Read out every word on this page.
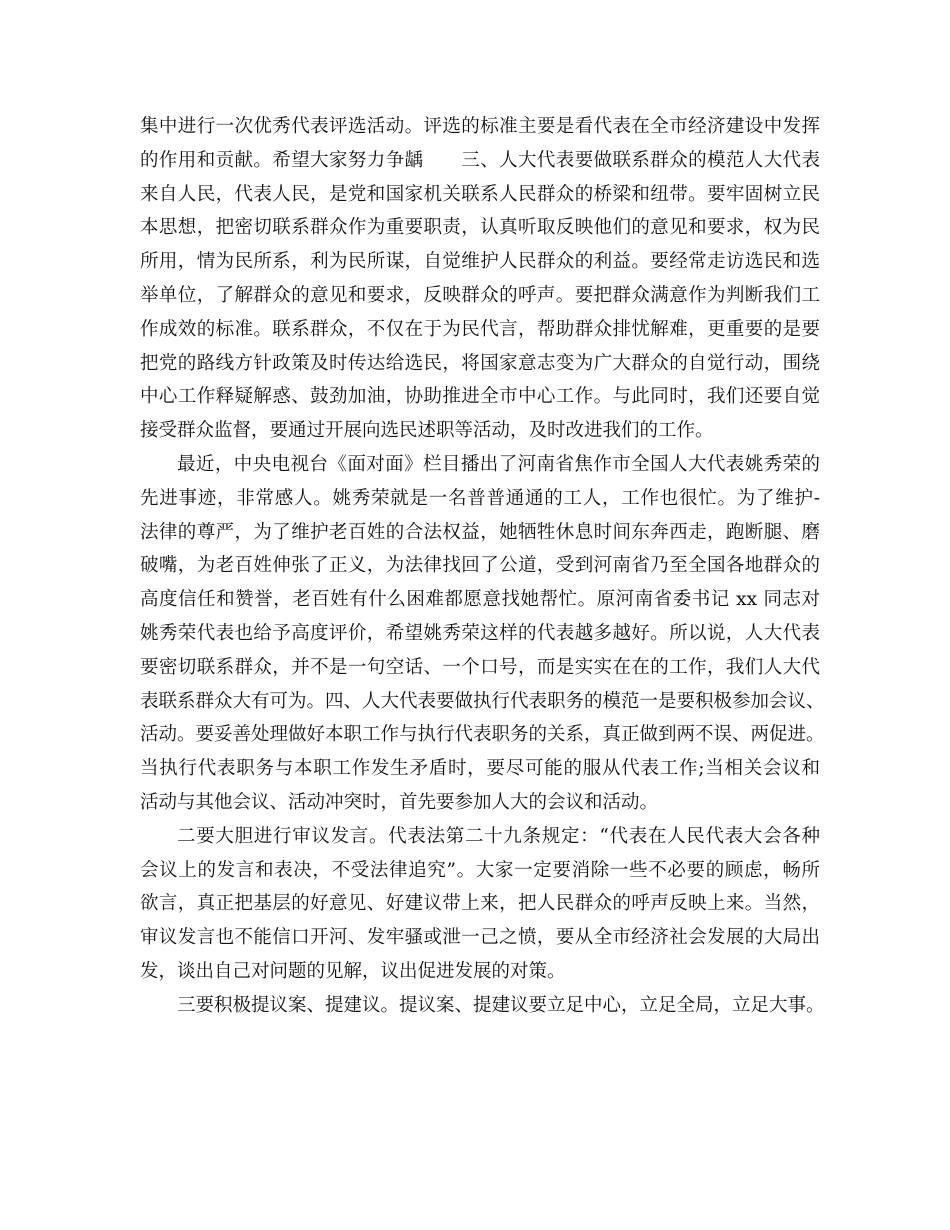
集中进行一次优秀代表评选活动。评选的标准主要是看代表在全市经济建设中发挥
的作用和贡献。希望大家努力争龋　　三、人大代表要做联系群众的模范人大代表
来自人民，代表人民，是党和国家机关联系人民群众的桥梁和纽带。要牢固树立民
本思想，把密切联系群众作为重要职责，认真听取反映他们的意见和要求，权为民
所用，情为民所系，利为民所谋，自觉维护人民群众的利益。要经常走访选民和选
举单位，了解群众的意见和要求，反映群众的呼声。要把群众满意作为判断我们工
作成效的标准。联系群众，不仅在于为民代言，帮助群众排忧解难，更重要的是要
把党的路线方针政策及时传达给选民，将国家意志变为广大群众的自觉行动，围绕
中心工作释疑解惑、鼓劲加油，协助推进全市中心工作。与此同时，我们还要自觉
接受群众监督，要通过开展向选民述职等活动，及时改进我们的工作。
最近，中央电视台《面对面》栏目播出了河南省焦作市全国人大代表姚秀荣的
先进事迹，非常感人。姚秀荣就是一名普普通通的工人，工作也很忙。为了维护-
法律的尊严，为了维护老百姓的合法权益，她牺牲休息时间东奔西走，跑断腿、磨
破嘴，为老百姓伸张了正义，为法律找回了公道，受到河南省乃至全国各地群众的
高度信任和赞誉，老百姓有什么困难都愿意找她帮忙。原河南省委书记 xx 同志对
姚秀荣代表也给予高度评价，希望姚秀荣这样的代表越多越好。所以说，人大代表
要密切联系群众，并不是一句空话、一个口号，而是实实在在的工作，我们人大代
表联系群众大有可为。四、人大代表要做执行代表职务的模范一是要积极参加会议、
活动。要妥善处理做好本职工作与执行代表职务的关系，真正做到两不误、两促进。
当执行代表职务与本职工作发生矛盾时，要尽可能的服从代表工作;当相关会议和
活动与其他会议、活动冲突时，首先要参加人大的会议和活动。
二要大胆进行审议发言。代表法第二十九条规定：“代表在人民代表大会各种
会议上的发言和表决，不受法律追究”。大家一定要消除一些不必要的顾虑，畅所
欲言，真正把基层的好意见、好建议带上来，把人民群众的呼声反映上来。当然，
审议发言也不能信口开河、发牢骚或泄一己之愤，要从全市经济社会发展的大局出
发，谈出自己对问题的见解，议出促进发展的对策。
三要积极提议案、提建议。提议案、提建议要立足中心，立足全局，立足大事。
